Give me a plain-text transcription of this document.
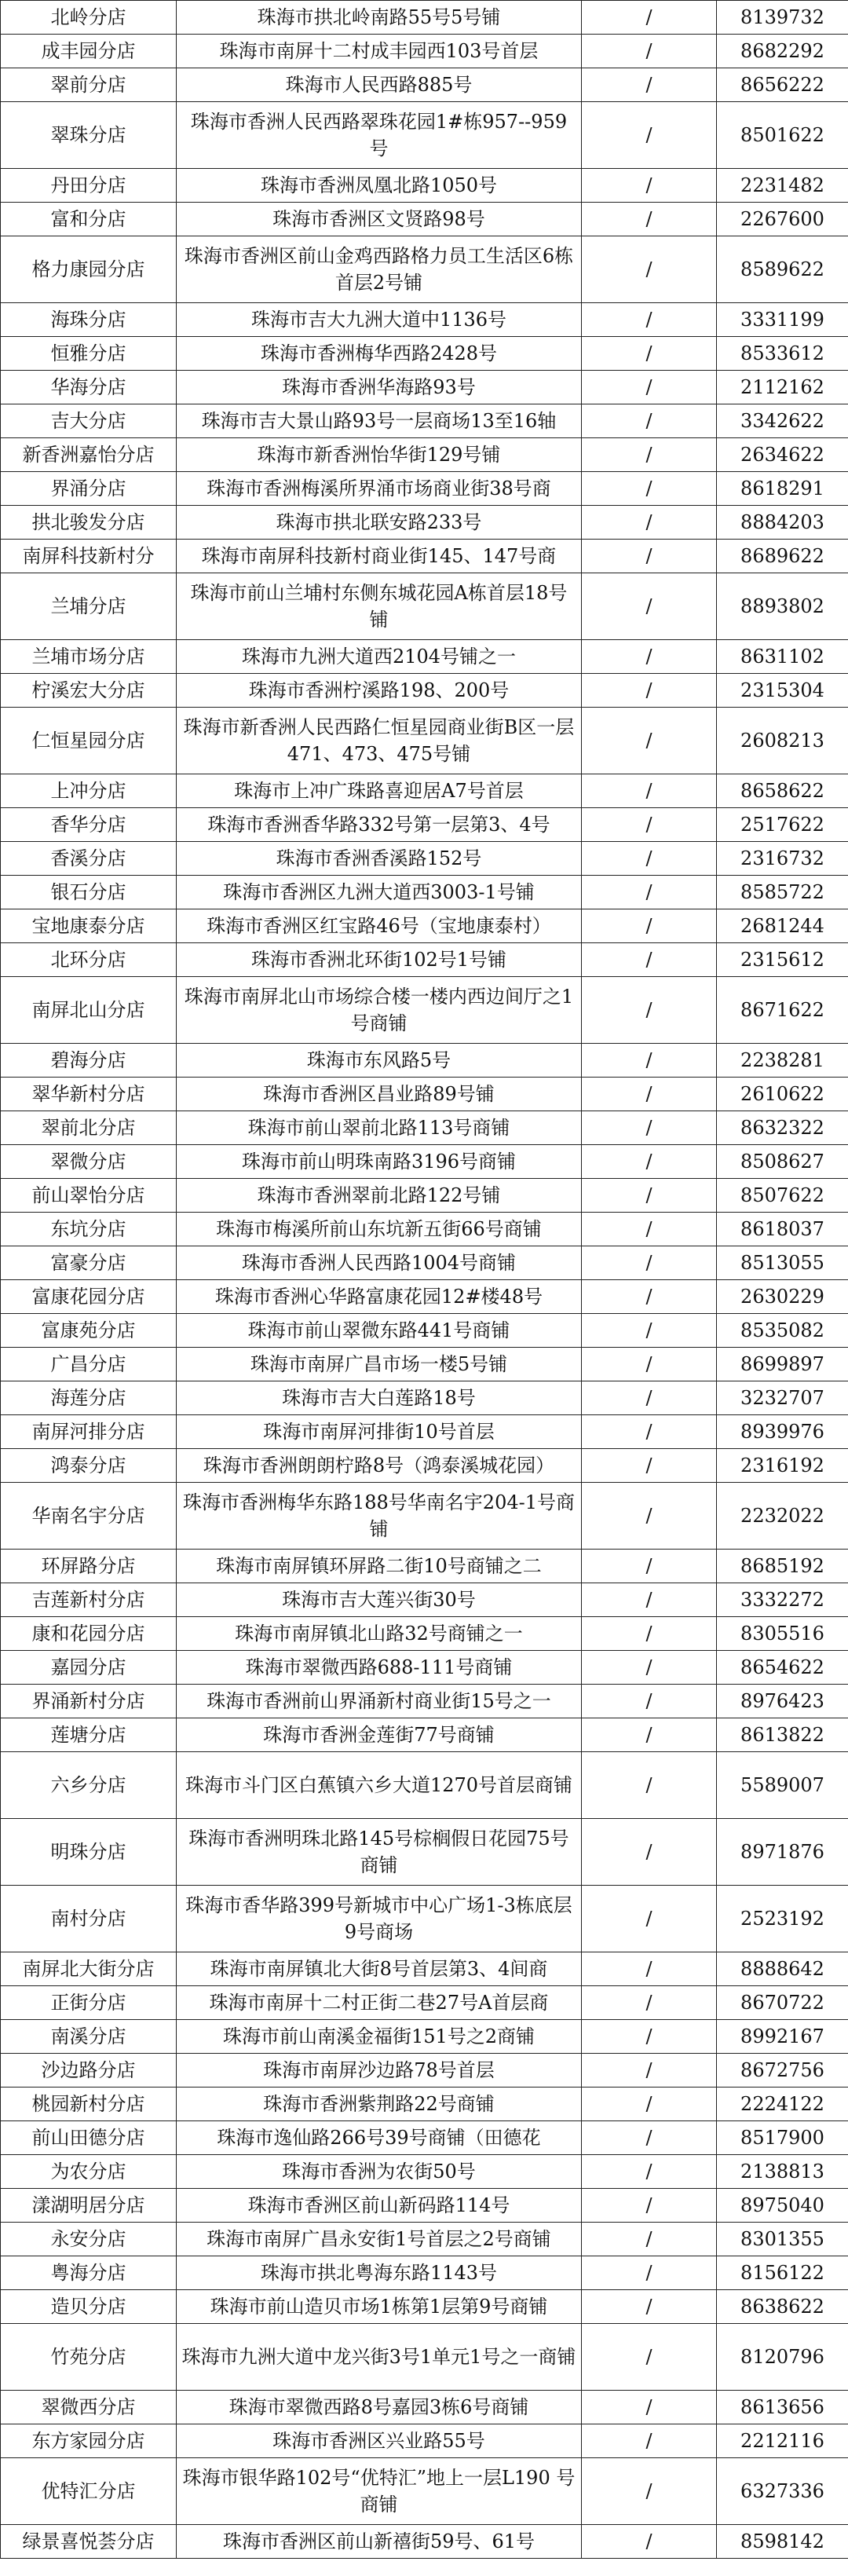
北岭分店	珠海市拱北岭南路55号5号铺	/	8139732
成丰园分店	珠海市南屏十二村成丰园西103号首层	/	8682292
翠前分店	珠海市人民西路885号	/	8656222
翠珠分店	珠海市香洲人民西路翠珠花园1#栋957--959号	/	8501622
丹田分店	珠海市香洲凤凰北路1050号	/	2231482
富和分店	珠海市香洲区文贤路98号	/	2267600
格力康园分店	珠海市香洲区前山金鸡西路格力员工生活区6栋首层2号铺	/	8589622
海珠分店	珠海市吉大九洲大道中1136号	/	3331199
恒雅分店	珠海市香洲梅华西路2428号	/	8533612
华海分店	珠海市香洲华海路93号	/	2112162
吉大分店	珠海市吉大景山路93号一层商场13至16轴	/	3342622
新香洲嘉怡分店	珠海市新香洲怡华街129号铺	/	2634622
界涌分店	珠海市香洲梅溪所界涌市场商业街38号商	/	8618291
拱北骏发分店	珠海市拱北联安路233号	/	8884203
南屏科技新村分	珠海市南屏科技新村商业街145、147号商	/	8689622
兰埔分店	珠海市前山兰埔村东侧东城花园A栋首层18号铺	/	8893802
兰埔市场分店	珠海市九洲大道西2104号铺之一	/	8631102
柠溪宏大分店	珠海市香洲柠溪路198、200号	/	2315304
仁恒星园分店	珠海市新香洲人民西路仁恒星园商业街B区一层471、473、475号铺	/	2608213
上冲分店	珠海市上冲广珠路喜迎居A7号首层	/	8658622
香华分店	珠海市香洲香华路332号第一层第3、4号	/	2517622
香溪分店	珠海市香洲香溪路152号	/	2316732
银石分店	珠海市香洲区九洲大道西3003-1号铺	/	8585722
宝地康泰分店	珠海市香洲区红宝路46号（宝地康泰村）	/	2681244
北环分店	珠海市香洲北环街102号1号铺	/	2315612
南屏北山分店	珠海市南屏北山市场综合楼一楼内西边间厅之1号商铺	/	8671622
碧海分店	珠海市东风路5号	/	2238281
翠华新村分店	珠海市香洲区昌业路89号铺	/	2610622
翠前北分店	珠海市前山翠前北路113号商铺	/	8632322
翠微分店	珠海市前山明珠南路3196号商铺	/	8508627
前山翠怡分店	珠海市香洲翠前北路122号铺	/	8507622
东坑分店	珠海市梅溪所前山东坑新五街66号商铺	/	8618037
富豪分店	珠海市香洲人民西路1004号商铺	/	8513055
富康花园分店	珠海市香洲心华路富康花园12#楼48号	/	2630229
富康苑分店	珠海市前山翠微东路441号商铺	/	8535082
广昌分店	珠海市南屏广昌市场一楼5号铺	/	8699897
海莲分店	珠海市吉大白莲路18号	/	3232707
南屏河排分店	珠海市南屏河排街10号首层	/	8939976
鸿泰分店	珠海市香洲朗朗柠路8号（鸿泰溪城花园）	/	2316192
华南名宇分店	珠海市香洲梅华东路188号华南名宇204-1号商铺	/	2232022
环屏路分店	珠海市南屏镇环屏路二街10号商铺之二	/	8685192
吉莲新村分店	珠海市吉大莲兴街30号	/	3332272
康和花园分店	珠海市南屏镇北山路32号商铺之一	/	8305516
嘉园分店	珠海市翠微西路688-111号商铺	/	8654622
界涌新村分店	珠海市香洲前山界涌新村商业街15号之一	/	8976423
莲塘分店	珠海市香洲金莲街77号商铺	/	8613822
六乡分店	珠海市斗门区白蕉镇六乡大道1270号首层商铺	/	5589007
明珠分店	珠海市香洲明珠北路145号棕榈假日花园75号商铺	/	8971876
南村分店	珠海市香华路399号新城市中心广场1-3栋底层9号商场	/	2523192
南屏北大街分店	珠海市南屏镇北大街8号首层第3、4间商	/	8888642
正街分店	珠海市南屏十二村正街二巷27号A首层商	/	8670722
南溪分店	珠海市前山南溪金福街151号之2商铺	/	8992167
沙边路分店	珠海市南屏沙边路78号首层	/	8672756
桃园新村分店	珠海市香洲紫荆路22号商铺	/	2224122
前山田德分店	珠海市逸仙路266号39号商铺（田德花	/	8517900
为农分店	珠海市香洲为农街50号	/	2138813
漾湖明居分店	珠海市香洲区前山新码路114号	/	8975040
永安分店	珠海市南屏广昌永安街1号首层之2号商铺	/	8301355
粤海分店	珠海市拱北粤海东路1143号	/	8156122
造贝分店	珠海市前山造贝市场1栋第1层第9号商铺	/	8638622
竹苑分店	珠海市九洲大道中龙兴街3号1单元1号之一商铺	/	8120796
翠微西分店	珠海市翠微西路8号嘉园3栋6号商铺	/	8613656
东方家园分店	珠海市香洲区兴业路55号	/	2212116
优特汇分店	珠海市银华路102号“优特汇”地上一层L190 号商铺	/	6327336
绿景喜悦荟分店	珠海市香洲区前山新禧街59号、61号	/	8598142
